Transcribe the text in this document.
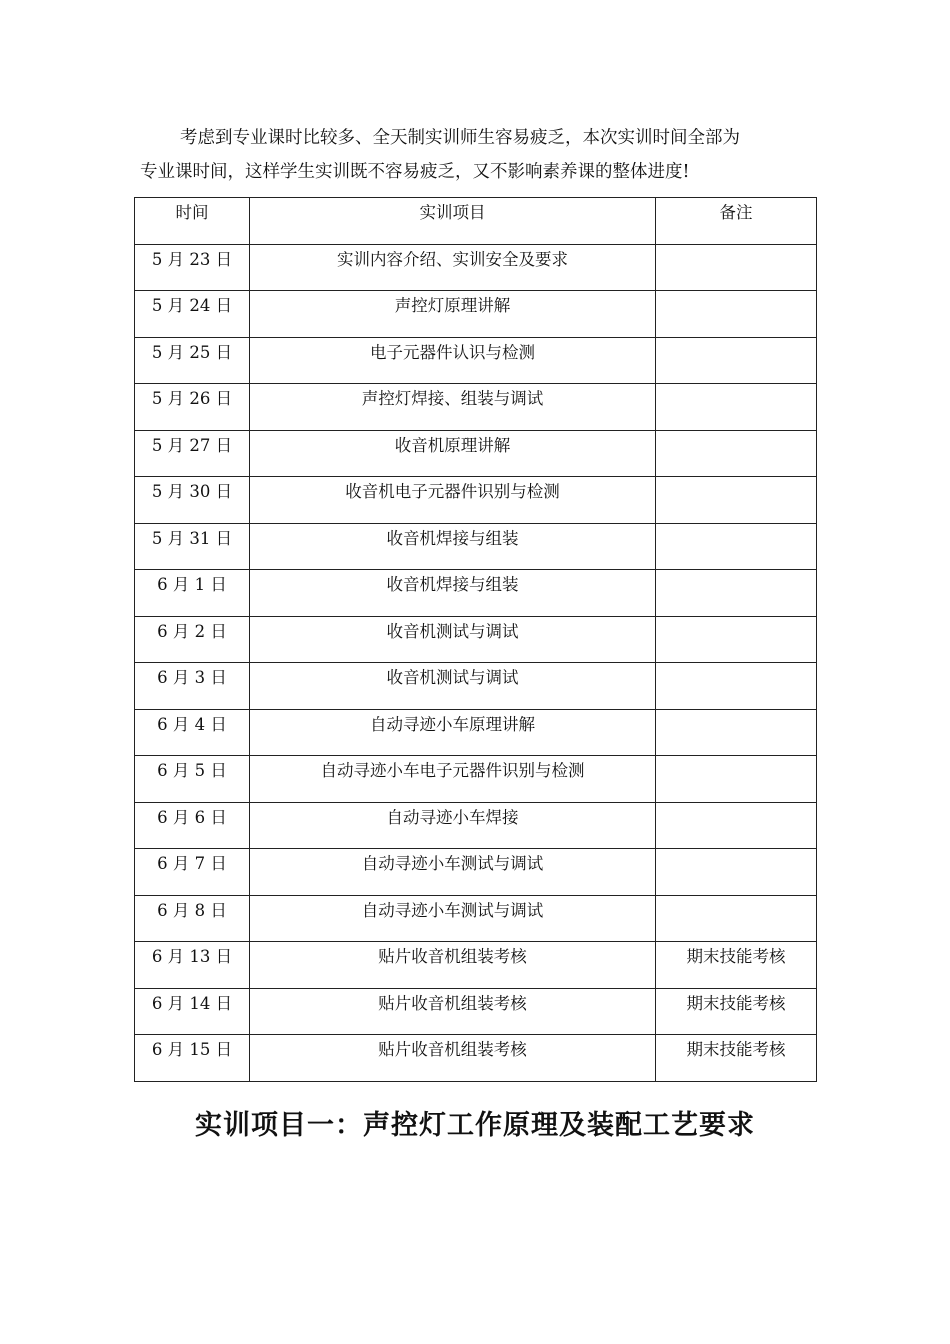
考虑到专业课时比较多、全天制实训师生容易疲乏，本次实训时间全部为
专业课时间，这样学生实训既不容易疲乏，又不影响素养课的整体进度!

时间	实训项目	备注
5 月 23 日	实训内容介绍、实训安全及要求	
5 月 24 日	声控灯原理讲解	
5 月 25 日	电子元器件认识与检测	
5 月 26 日	声控灯焊接、组装与调试	
5 月 27 日	收音机原理讲解	
5 月 30 日	收音机电子元器件识别与检测	
5 月 31 日	收音机焊接与组装	
6 月 1 日	收音机焊接与组装	
6 月 2 日	收音机测试与调试	
6 月 3 日	收音机测试与调试	
6 月 4 日	自动寻迹小车原理讲解	
6 月 5 日	自动寻迹小车电子元器件识别与检测	
6 月 6 日	自动寻迹小车焊接	
6 月 7 日	自动寻迹小车测试与调试	
6 月 8 日	自动寻迹小车测试与调试	
6 月 13 日	贴片收音机组装考核	期末技能考核
6 月 14 日	贴片收音机组装考核	期末技能考核
6 月 15 日	贴片收音机组装考核	期末技能考核
实训项目一：声控灯工作原理及装配工艺要求
